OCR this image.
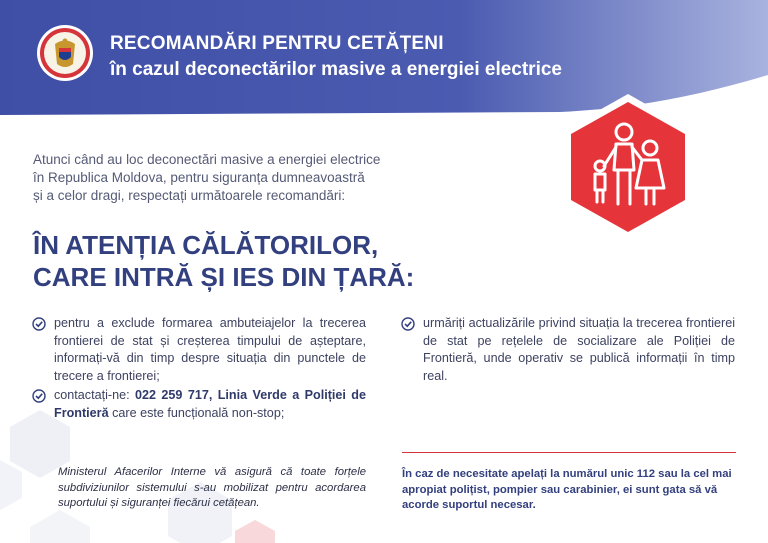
RECOMANDĂRI PENTRU CETĂȚENI
în cazul deconectărilor masive a energiei electrice
Atunci când au loc deconectări masive a energiei electrice
în Republica Moldova, pentru siguranța dumneavoastră
și a celor dragi, respectați următoarele recomandări:
ÎN ATENȚIA CĂLĂTORILOR,
CARE INTRĂ ȘI IES DIN ȚARĂ:
pentru a exclude formarea ambuteiajelor la trecerea frontierei de stat și creșterea timpului de așteptare, informați-vă din timp despre situația din punctele de trecere a frontierei;
contactați-ne: 022 259 717, Linia Verde a Poliției de Frontieră care este funcțională non-stop;
urmăriți actualizările privind situația la trecerea frontierei de stat pe rețelele de socializare ale Poliției de Frontieră, unde operativ se publică informații în timp real.
Ministerul Afacerilor Interne vă asigură că toate forțele subdiviziunilor sistemului s-au mobilizat pentru acordarea suportului și siguranței fiecărui cetățean.
În caz de necesitate apelați la numărul unic 112 sau la cel mai apropiat polițist, pompier sau carabinier, ei sunt gata să vă acorde suportul necesar.
